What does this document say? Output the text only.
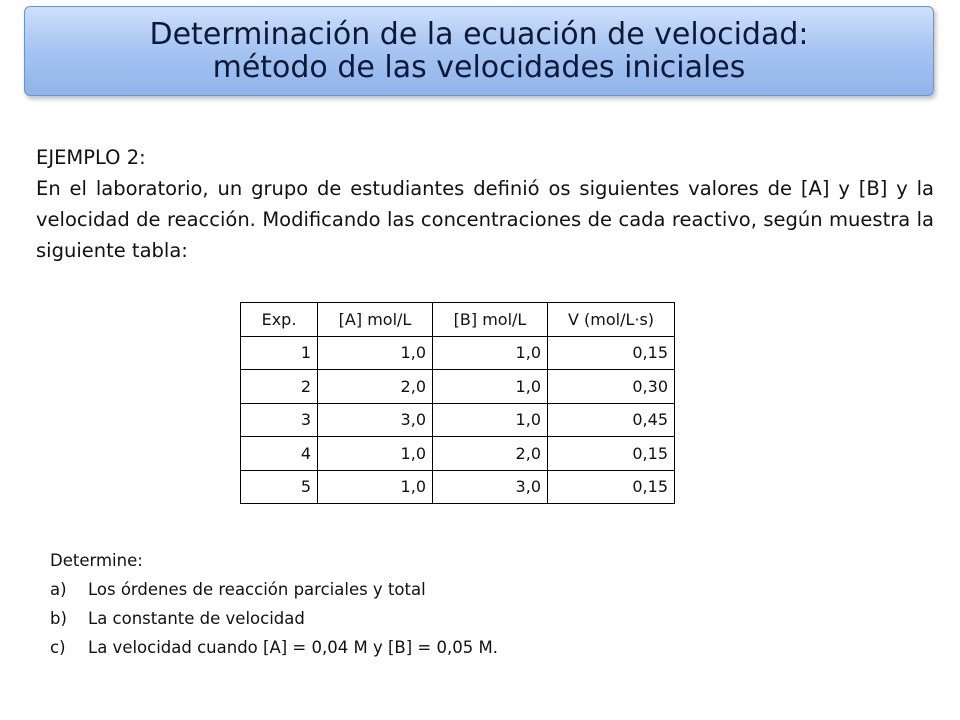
Determinación de la ecuación de velocidad:
método de las velocidades iniciales

EJEMPLO 2:

En el laboratorio, un grupo de estudiantes definió os siguientes valores de [A] y [B] y la velocidad de reacción. Modificando las concentraciones de cada reactivo, según muestra la siguiente tabla:

Exp.	[A] mol/L	[B] mol/L	V (mol/L·s)
1	1,0	1,0	0,15
2	2,0	1,0	0,30
3	3,0	1,0	0,45
4	1,0	2,0	0,15
5	1,0	3,0	0,15
Determine:
a)	Los órdenes de reacción parciales y total
b)	La constante de velocidad
c)	La velocidad cuando [A] = 0,04 M y [B] = 0,05 M.
